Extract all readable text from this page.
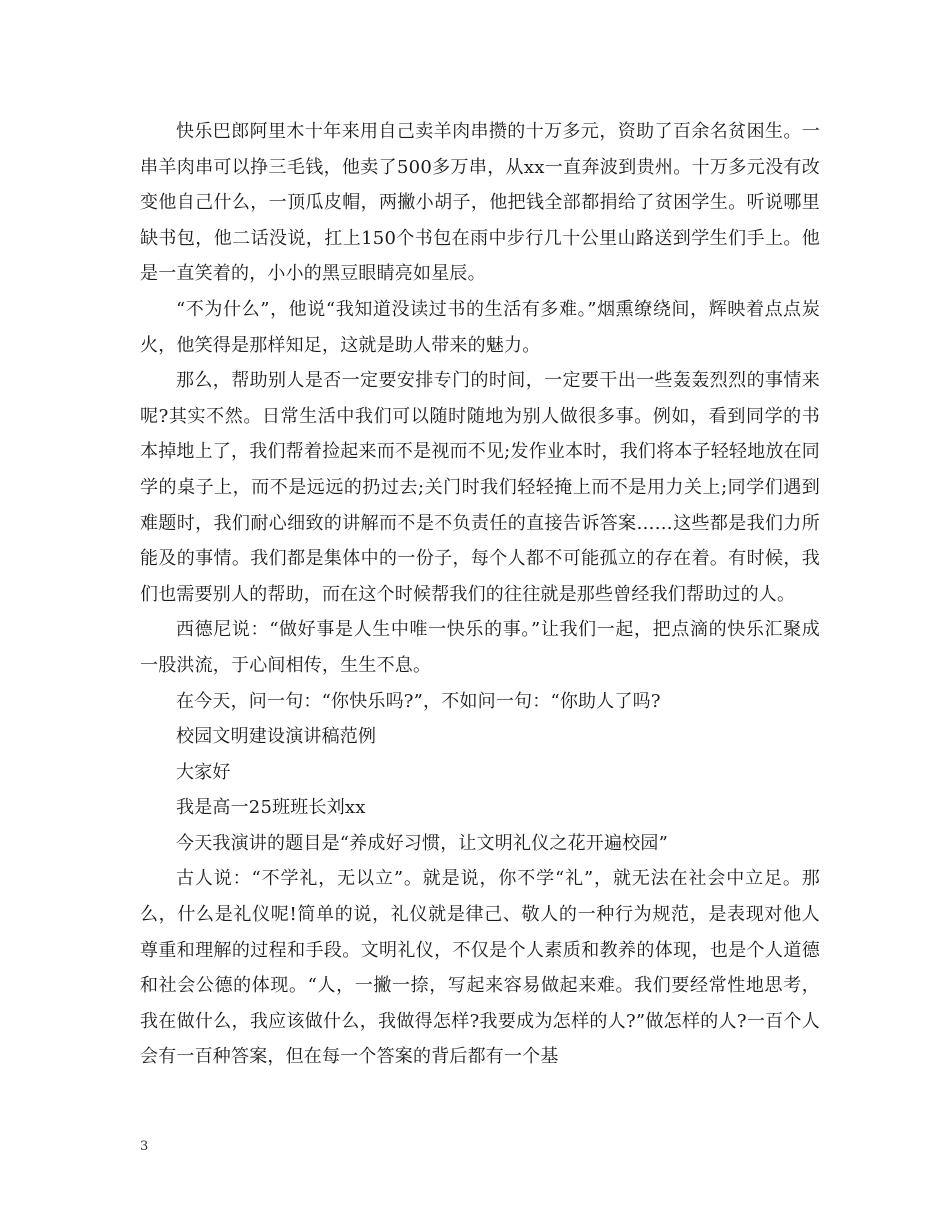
快乐巴郎阿里木十年来用自己卖羊肉串攒的十万多元，资助了百余名贫困生。一串羊肉串可以挣三毛钱，他卖了500多万串，从xx一直奔波到贵州。十万多元没有改变他自己什么，一顶瓜皮帽，两撇小胡子，他把钱全部都捐给了贫困学生。听说哪里缺书包，他二话没说，扛上150个书包在雨中步行几十公里山路送到学生们手上。他是一直笑着的，小小的黑豆眼睛亮如星辰。

“不为什么”，他说“我知道没读过书的生活有多难。”烟熏缭绕间，辉映着点点炭火，他笑得是那样知足，这就是助人带来的魅力。

那么，帮助别人是否一定要安排专门的时间，一定要干出一些轰轰烈烈的事情来呢?其实不然。日常生活中我们可以随时随地为别人做很多事。例如，看到同学的书本掉地上了，我们帮着捡起来而不是视而不见;发作业本时，我们将本子轻轻地放在同学的桌子上，而不是远远的扔过去;关门时我们轻轻掩上而不是用力关上;同学们遇到难题时，我们耐心细致的讲解而不是不负责任的直接告诉答案……这些都是我们力所能及的事情。我们都是集体中的一份子，每个人都不可能孤立的存在着。有时候，我们也需要别人的帮助，而在这个时候帮我们的往往就是那些曾经我们帮助过的人。

西德尼说：“做好事是人生中唯一快乐的事。”让我们一起，把点滴的快乐汇聚成一股洪流，于心间相传，生生不息。

在今天，问一句：“你快乐吗?”，不如问一句：“你助人了吗?

校园文明建设演讲稿范例

大家好

我是高一25班班长刘xx

今天我演讲的题目是“养成好习惯，让文明礼仪之花开遍校园”

古人说：“不学礼，无以立”。就是说，你不学“礼”，就无法在社会中立足。那么，什么是礼仪呢!简单的说，礼仪就是律己、敬人的一种行为规范，是表现对他人尊重和理解的过程和手段。文明礼仪，不仅是个人素质和教养的体现，也是个人道德和社会公德的体现。“人，一撇一捺，写起来容易做起来难。我们要经常性地思考，我在做什么，我应该做什么，我做得怎样?我要成为怎样的人?”做怎样的人?一百个人会有一百种答案，但在每一个答案的背后都有一个基

3
